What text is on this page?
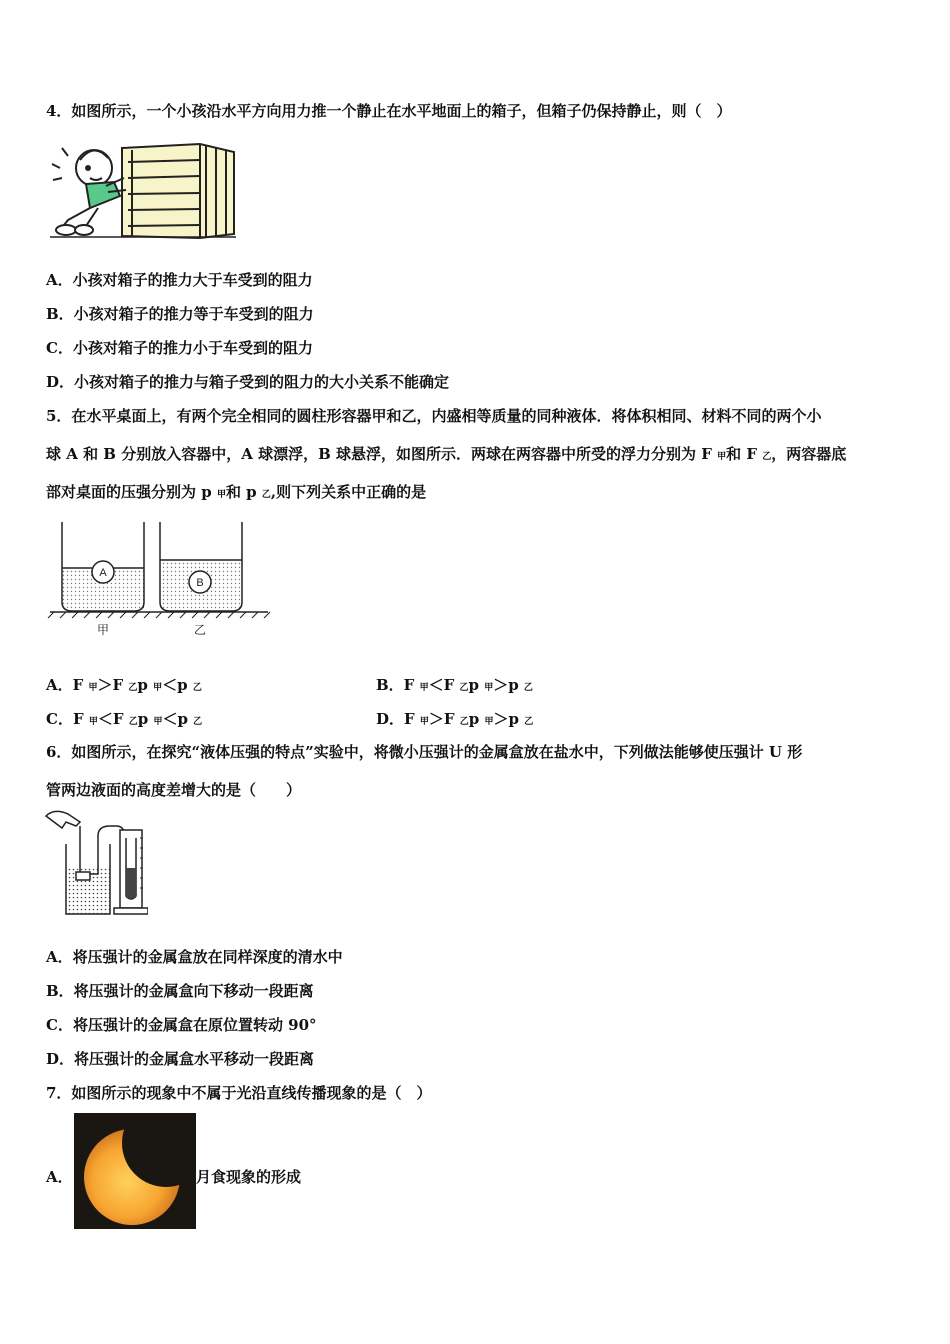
4．如图所示，一个小孩沿水平方向用力推一个静止在水平地面上的箱子，但箱子仍保持静止，则（　）
A．小孩对箱子的推力大于车受到的阻力
B．小孩对箱子的推力等于车受到的阻力
C．小孩对箱子的推力小于车受到的阻力
D．小孩对箱子的推力与箱子受到的阻力的大小关系不能确定
5．在水平桌面上，有两个完全相同的圆柱形容器甲和乙，内盛相等质量的同种液体．将体积相同、材料不同的两个小
球 A 和 B 分别放入容器中，A 球漂浮，B 球悬浮，如图所示．两球在两容器中所受的浮力分别为 F 甲和 F 乙，两容器底
部对桌面的压强分别为 p 甲和 p 乙,则下列关系中正确的是
A
B
甲	乙
A．F 甲＞F 乙p 甲＜p 乙	B．F 甲＜F 乙p 甲＞p 乙
C．F 甲＜F 乙p 甲＜p 乙	D．F 甲＞F 乙p 甲＞p 乙
6．如图所示，在探究“液体压强的特点”实验中，将微小压强计的金属盒放在盐水中，下列做法能够使压强计 U 形
管两边液面的高度差增大的是（　　）
A．将压强计的金属盒放在同样深度的清水中
B．将压强计的金属盒向下移动一段距离
C．将压强计的金属盒在原位置转动 90°
D．将压强计的金属盒水平移动一段距离
7．如图所示的现象中不属于光沿直线传播现象的是（　）
A．	月食现象的形成
